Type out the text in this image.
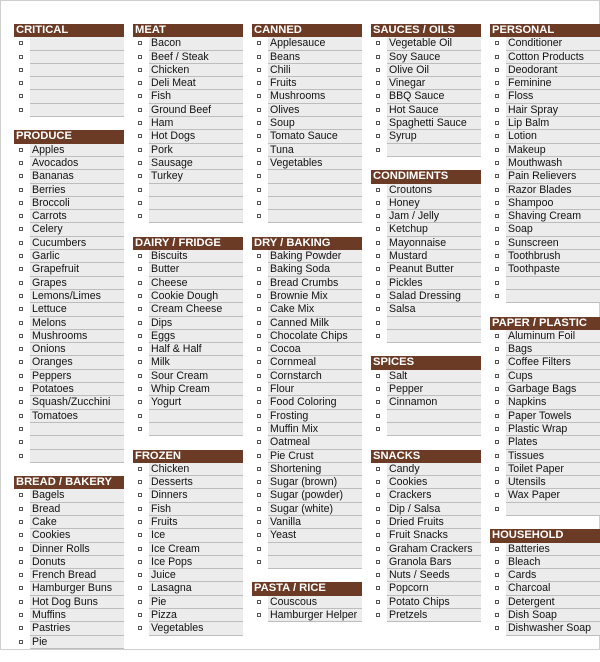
CRITICAL
PRODUCE
Apples
Avocados
Bananas
Berries
Broccoli
Carrots
Celery
Cucumbers
Garlic
Grapefruit
Grapes
Lemons/Limes
Lettuce
Melons
Mushrooms
Onions
Oranges
Peppers
Potatoes
Squash/Zucchini
Tomatoes
BREAD / BAKERY
Bagels
Bread
Cake
Cookies
Dinner Rolls
Donuts
French Bread
Hamburger Buns
Hot Dog Buns
Muffins
Pastries
Pie
MEAT
Bacon
Beef / Steak
Chicken
Deli Meat
Fish
Ground Beef
Ham
Hot Dogs
Pork
Sausage
Turkey
DAIRY / FRIDGE
Biscuits
Butter
Cheese
Cookie Dough
Cream Cheese
Dips
Eggs
Half & Half
Milk
Sour Cream
Whip Cream
Yogurt
FROZEN
Chicken
Desserts
Dinners
Fish
Fruits
Ice
Ice Cream
Ice Pops
Juice
Lasagna
Pie
Pizza
Vegetables
CANNED
Applesauce
Beans
Chili
Fruits
Mushrooms
Olives
Soup
Tomato Sauce
Tuna
Vegetables
DRY / BAKING
Baking Powder
Baking Soda
Bread Crumbs
Brownie Mix
Cake Mix
Canned Milk
Chocolate Chips
Cocoa
Cornmeal
Cornstarch
Flour
Food Coloring
Frosting
Muffin Mix
Oatmeal
Pie Crust
Shortening
Sugar (brown)
Sugar (powder)
Sugar (white)
Vanilla
Yeast
PASTA / RICE
Couscous
Hamburger Helper
SAUCES / OILS
Vegetable Oil
Soy Sauce
Olive Oil
Vinegar
BBQ Sauce
Hot Sauce
Spaghetti Sauce
Syrup
CONDIMENTS
Croutons
Honey
Jam / Jelly
Ketchup
Mayonnaise
Mustard
Peanut Butter
Pickles
Salad Dressing
Salsa
SPICES
Salt
Pepper
Cinnamon
SNACKS
Candy
Cookies
Crackers
Dip / Salsa
Dried Fruits
Fruit Snacks
Graham Crackers
Granola Bars
Nuts / Seeds
Popcorn
Potato Chips
Pretzels
PERSONAL
Conditioner
Cotton Products
Deodorant
Feminine
Floss
Hair Spray
Lip Balm
Lotion
Makeup
Mouthwash
Pain Relievers
Razor Blades
Shampoo
Shaving Cream
Soap
Sunscreen
Toothbrush
Toothpaste
PAPER / PLASTIC
Aluminum Foil
Bags
Coffee Filters
Cups
Garbage Bags
Napkins
Paper Towels
Plastic Wrap
Plates
Tissues
Toilet Paper
Utensils
Wax Paper
HOUSEHOLD
Batteries
Bleach
Cards
Charcoal
Detergent
Dish Soap
Dishwasher Soap
